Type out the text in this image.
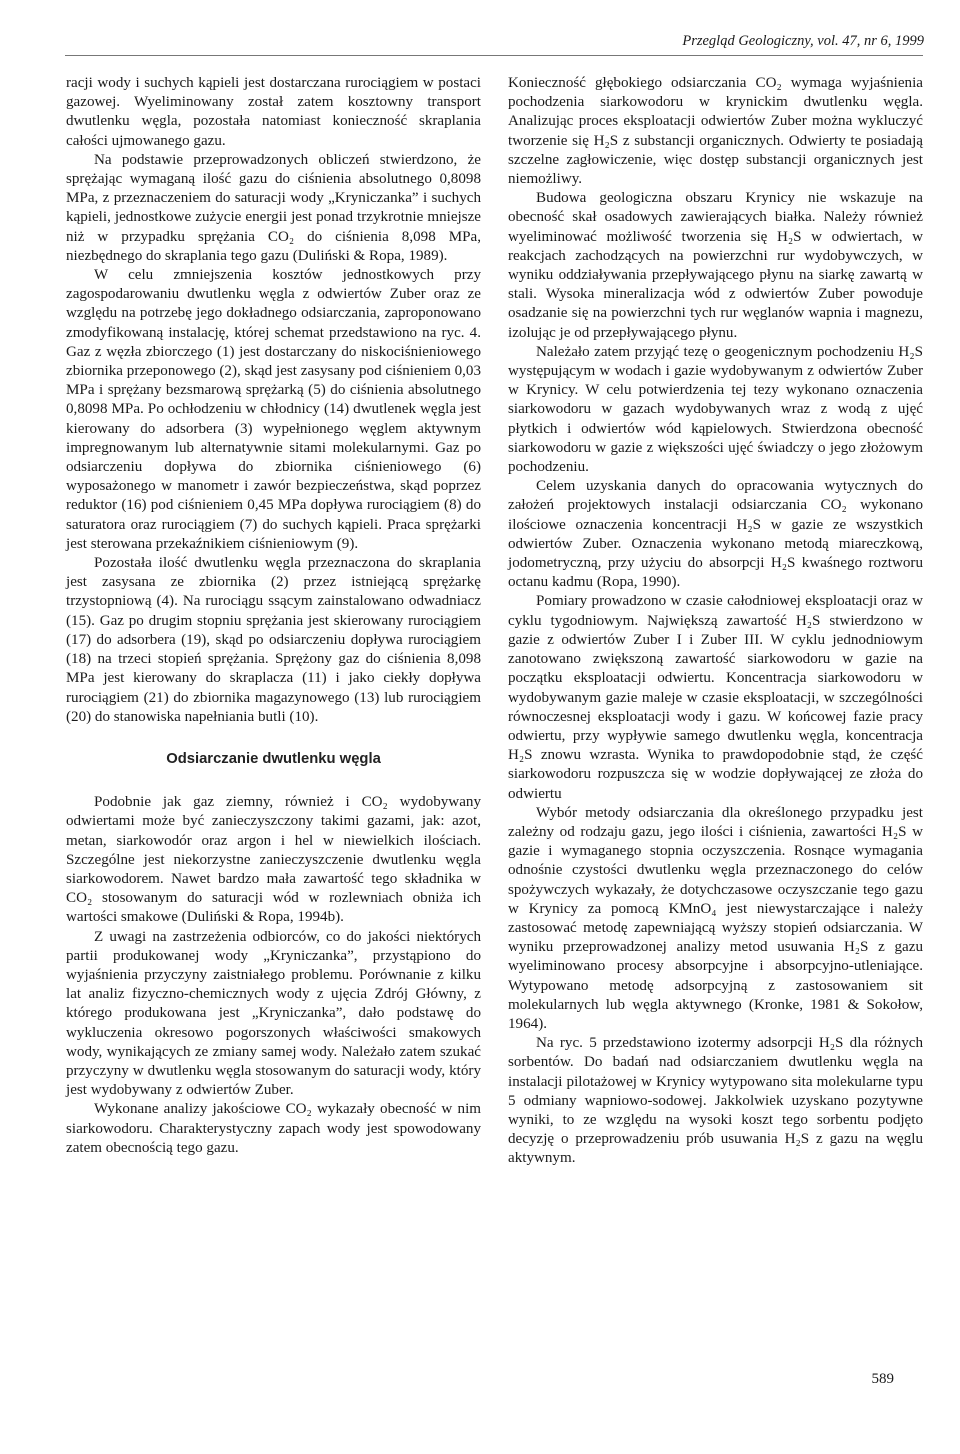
Przegląd Geologiczny, vol. 47, nr 6, 1999

racji wody i suchych kąpieli jest dostarczana rurociągiem w postaci gazowej. Wyeliminowany został zatem kosztowny transport dwutlenku węgla, pozostała natomiast konieczność skraplania całości ujmowanego gazu.

Na podstawie przeprowadzonych obliczeń stwierdzono, że sprężając wymaganą ilość gazu do ciśnienia absolutnego 0,8098 MPa, z przeznaczeniem do saturacji wody „Kryniczanka” i suchych kąpieli, jednostkowe zużycie energii jest ponad trzykrotnie mniejsze niż w przypadku sprężania CO₂ do ciśnienia 8,098 MPa, niezbędnego do skraplania tego gazu (Duliński & Ropa, 1989).

W celu zmniejszenia kosztów jednostkowych przy zagospodarowaniu dwutlenku węgla z odwiertów Zuber oraz ze względu na potrzebę jego dokładnego odsiarczania, zaproponowano zmodyfikowaną instalację, której schemat przedstawiono na ryc. 4. Gaz z węzła zbiorczego (1) jest dostarczany do niskociśnieniowego zbiornika przeponowego (2), skąd jest zasysany pod ciśnieniem 0,03 MPa i sprężany bezsmarową sprężarką (5) do ciśnienia absolutnego 0,8098 MPa. Po ochłodzeniu w chłodnicy (14) dwutlenek węgla jest kierowany do adsorbera (3) wypełnionego węglem aktywnym impregnowanym lub alternatywnie sitami molekularnymi. Gaz po odsiarczeniu dopływa do zbiornika ciśnieniowego (6) wyposażonego w manometr i zawór bezpieczeństwa, skąd poprzez reduktor (16) pod ciśnieniem 0,45 MPa dopływa rurociągiem (8) do saturatora oraz rurociągiem (7) do suchych kąpieli. Praca sprężarki jest sterowana przekaźnikiem ciśnieniowym (9).

Pozostała ilość dwutlenku węgla przeznaczona do skraplania jest zasysana ze zbiornika (2) przez istniejącą sprężarkę trzystopniową (4). Na rurociągu ssącym zainstalowano odwadniacz (15). Gaz po drugim stopniu sprężania jest skierowany rurociągiem (17) do adsorbera (19), skąd po odsiarczeniu dopływa rurociągiem (18) na trzeci stopień sprężania. Sprężony gaz do ciśnienia 8,098 MPa jest kierowany do skraplacza (11) i jako ciekły dopływa rurociągiem (21) do zbiornika magazynowego (13) lub rurociągiem (20) do stanowiska napełniania butli (10).

Odsiarczanie dwutlenku węgla

Podobnie jak gaz ziemny, również i CO₂ wydobywany odwiertami może być zanieczyszczony takimi gazami, jak: azot, metan, siarkowodór oraz argon i hel w niewielkich ilościach. Szczególne jest niekorzystne zanieczyszczenie dwutlenku węgla siarkowodorem. Nawet bardzo mała zawartość tego składnika w CO₂ stosowanym do saturacji wód w rozlewniach obniża ich wartości smakowe (Duliński & Ropa, 1994b).

Z uwagi na zastrzeżenia odbiorców, co do jakości niektórych partii produkowanej wody „Kryniczanka”, przystąpiono do wyjaśnienia przyczyny zaistniałego problemu. Porównanie z kilku lat analiz fizyczno-chemicznych wody z ujęcia Zdrój Główny, z którego produkowana jest „Kryniczanka”, dało podstawę do wykluczenia okresowo pogorszonych właściwości smakowych wody, wynikających ze zmiany samej wody. Należało zatem szukać przyczyny w dwutlenku węgla stosowanym do saturacji wody, który jest wydobywany z odwiertów Zuber.

Wykonane analizy jakościowe CO₂ wykazały obecność w nim siarkowodoru. Charakterystyczny zapach wody jest spowodowany zatem obecnością tego gazu.

Konieczność głębokiego odsiarczania CO₂ wymaga wyjaśnienia pochodzenia siarkowodoru w krynickim dwutlenku węgla. Analizując proces eksploatacji odwiertów Zuber można wykluczyć tworzenie się H₂S z substancji organicznych. Odwierty te posiadają szczelne zagłowiczenie, więc dostęp substancji organicznych jest niemożliwy.

Budowa geologiczna obszaru Krynicy nie wskazuje na obecność skał osadowych zawierających białka. Należy również wyeliminować możliwość tworzenia się H₂S w odwiertach, w reakcjach zachodzących na powierzchni rur wydobywczych, w wyniku oddziaływania przepływającego płynu na siarkę zawartą w stali. Wysoka mineralizacja wód z odwiertów Zuber powoduje osadzanie się na powierzchni tych rur węglanów wapnia i magnezu, izolując je od przepływającego płynu.

Należało zatem przyjąć tezę o geogenicznym pochodzeniu H₂S występującym w wodach i gazie wydobywanym z odwiertów Zuber w Krynicy. W celu potwierdzenia tej tezy wykonano oznaczenia siarkowodoru w gazach wydobywanych wraz z wodą z ujęć płytkich i odwiertów wód kąpielowych. Stwierdzona obecność siarkowodoru w gazie z większości ujęć świadczy o jego złożowym pochodzeniu.

Celem uzyskania danych do opracowania wytycznych do założeń projektowych instalacji odsiarczania CO₂ wykonano ilościowe oznaczenia koncentracji H₂S w gazie ze wszystkich odwiertów Zuber. Oznaczenia wykonano metodą miareczkową, jodometryczną, przy użyciu do absorpcji H₂S kwaśnego roztworu octanu kadmu (Ropa, 1990).

Pomiary prowadzono w czasie całodniowej eksploatacji oraz w cyklu tygodniowym. Największą zawartość H₂S stwierdzono w gazie z odwiertów Zuber I i Zuber III. W cyklu jednodniowym zanotowano zwiększoną zawartość siarkowodoru w gazie na początku eksploatacji odwiertu. Koncentracja siarkowodoru w wydobywanym gazie maleje w czasie eksploatacji, w szczególności równoczesnej eksploatacji wody i gazu. W końcowej fazie pracy odwiertu, przy wypływie samego dwutlenku węgla, koncentracja H₂S znowu wzrasta. Wynika to prawdopodobnie stąd, że część siarkowodoru rozpuszcza się w wodzie dopływającej ze złoża do odwiertu

Wybór metody odsiarczania dla określonego przypadku jest zależny od rodzaju gazu, jego ilości i ciśnienia, zawartości H₂S w gazie i wymaganego stopnia oczyszczenia. Rosnące wymagania odnośnie czystości dwutlenku węgla przeznaczonego do celów spożywczych wykazały, że dotychczasowe oczyszczanie tego gazu w Krynicy za pomocą KMnO₄ jest niewystarczające i należy zastosować metodę zapewniającą wyższy stopień odsiarczania. W wyniku przeprowadzonej analizy metod usuwania H₂S z gazu wyeliminowano procesy absorpcyjne i absorpcyjno-utleniające. Wytypowano metodę adsorpcyjną z zastosowaniem sit molekularnych lub węgla aktywnego (Kronke, 1981 & Sokołow, 1964).

Na ryc. 5 przedstawiono izotermy adsorpcji H₂S dla różnych sorbentów. Do badań nad odsiarczaniem dwutlenku węgla na instalacji pilotażowej w Krynicy wytypowano sita molekularne typu 5 odmiany wapniowo-sodowej. Jakkolwiek uzyskano pozytywne wyniki, to ze względu na wysoki koszt tego sorbentu podjęto decyzję o przeprowadzeniu prób usuwania H₂S z gazu na węglu aktywnym.

589
